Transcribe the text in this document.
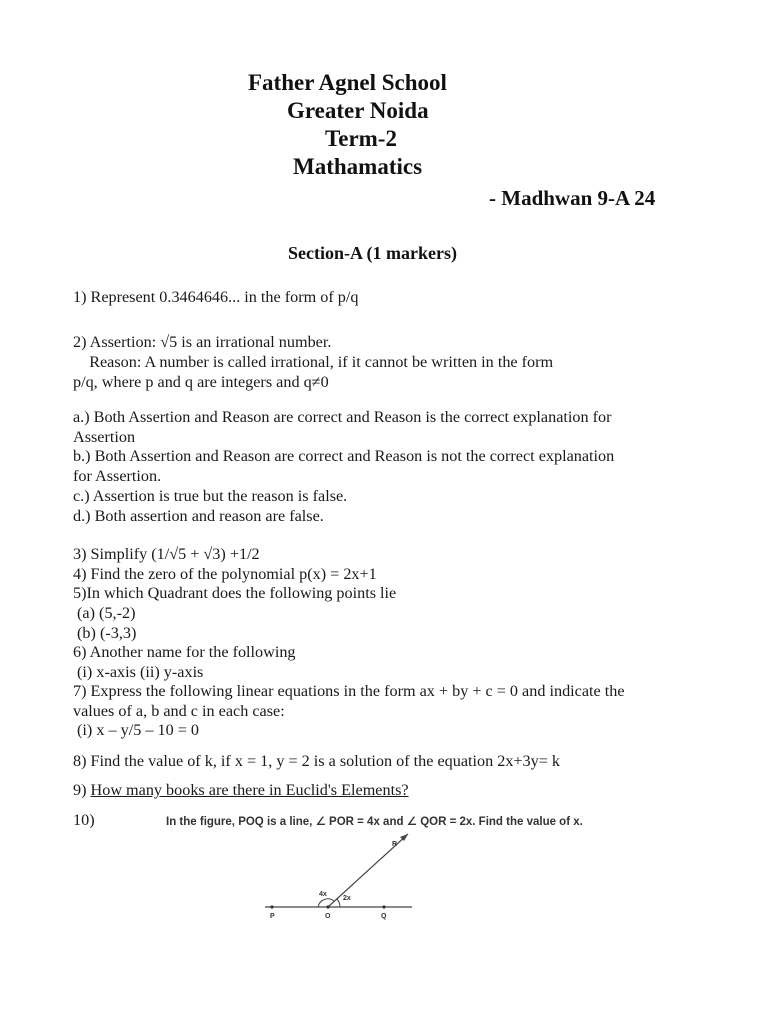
Father Agnel School
Greater Noida
Term-2
Mathamatics
- Madhwan 9-A 24
Section-A (1 markers)
1) Represent 0.3464646... in the form of p/q
2) Assertion: √5 is an irrational number.
Reason: A number is called irrational, if it cannot be written in the form
p/q, where p and q are integers and q≠0
a.) Both Assertion and Reason are correct and Reason is the correct explanation for
Assertion
b.) Both Assertion and Reason are correct and Reason is not the correct explanation
for Assertion.
c.) Assertion is true but the reason is false.
d.) Both assertion and reason are false.
3) Simplify (1/√5 + √3) +1/2
4) Find the zero of the polynomial p(x) = 2x+1
5)In which Quadrant does the following points lie
(a) (5,-2)
(b) (-3,3)
6) Another name for the following
(i) x-axis (ii) y-axis
7) Express the following linear equations in the form ax + by + c = 0 and indicate the
values of a, b and c in each case:
(i) x – y/5 – 10 = 0
8) Find the value of k, if x = 1, y = 2 is a solution of the equation 2x+3y= k
9) How many books are there in Euclid's Elements?
10)	In the figure, POQ is a line, ∠ POR = 4x and ∠ QOR = 2x. Find the value of x.
P	O	Q
R
4x
2x
